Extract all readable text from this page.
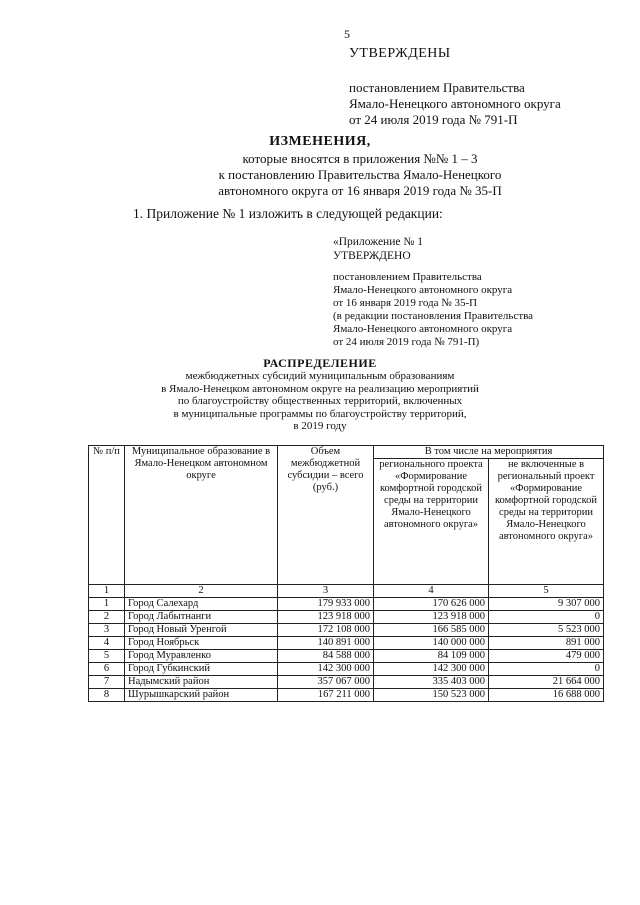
5
УТВЕРЖДЕНЫ
постановлением Правительства
Ямало-Ненецкого автономного округа
от 24 июля 2019 года № 791-П
ИЗМЕНЕНИЯ,
которые вносятся в приложения №№ 1 – 3
к постановлению Правительства Ямало-Ненецкого
автономного округа от 16 января 2019 года № 35-П
1. Приложение № 1 изложить в следующей редакции:
«Приложение № 1
УТВЕРЖДЕНО
постановлением Правительства
Ямало-Ненецкого автономного округа
от 16 января 2019 года № 35-П
(в редакции постановления Правительства
Ямало-Ненецкого автономного округа
от 24 июля 2019 года № 791-П)
РАСПРЕДЕЛЕНИЕ
межбюджетных субсидий муниципальным образованиям
в Ямало-Ненецком автономном округе на реализацию мероприятий
по благоустройству общественных территорий, включенных
в муниципальные программы по благоустройству территорий,
в 2019 году
№ п/п	Муниципальное образование в Ямало-Ненецком автономном округе	Объем межбюджетной субсидии – всего (руб.)	В том числе на мероприятия	
			регионального проекта «Формирование комфортной городской среды на территории Ямало-Ненецкого автономного округа»	не включенные в региональный проект «Формирование комфортной городской среды на территории Ямало-Ненецкого автономного округа»
1	2	3	4	5
1	Город Салехард	179 933 000	170 626 000	9 307 000
2	Город Лабытнанги	123 918 000	123 918 000	0
3	Город Новый Уренгой	172 108 000	166 585 000	5 523 000
4	Город Ноябрьск	140 891 000	140 000 000	891 000
5	Город Муравленко	84 588 000	84 109 000	479 000
6	Город Губкинский	142 300 000	142 300 000	0
7	Надымский район	357 067 000	335 403 000	21 664 000
8	Шурышкарский район	167 211 000	150 523 000	16 688 000
